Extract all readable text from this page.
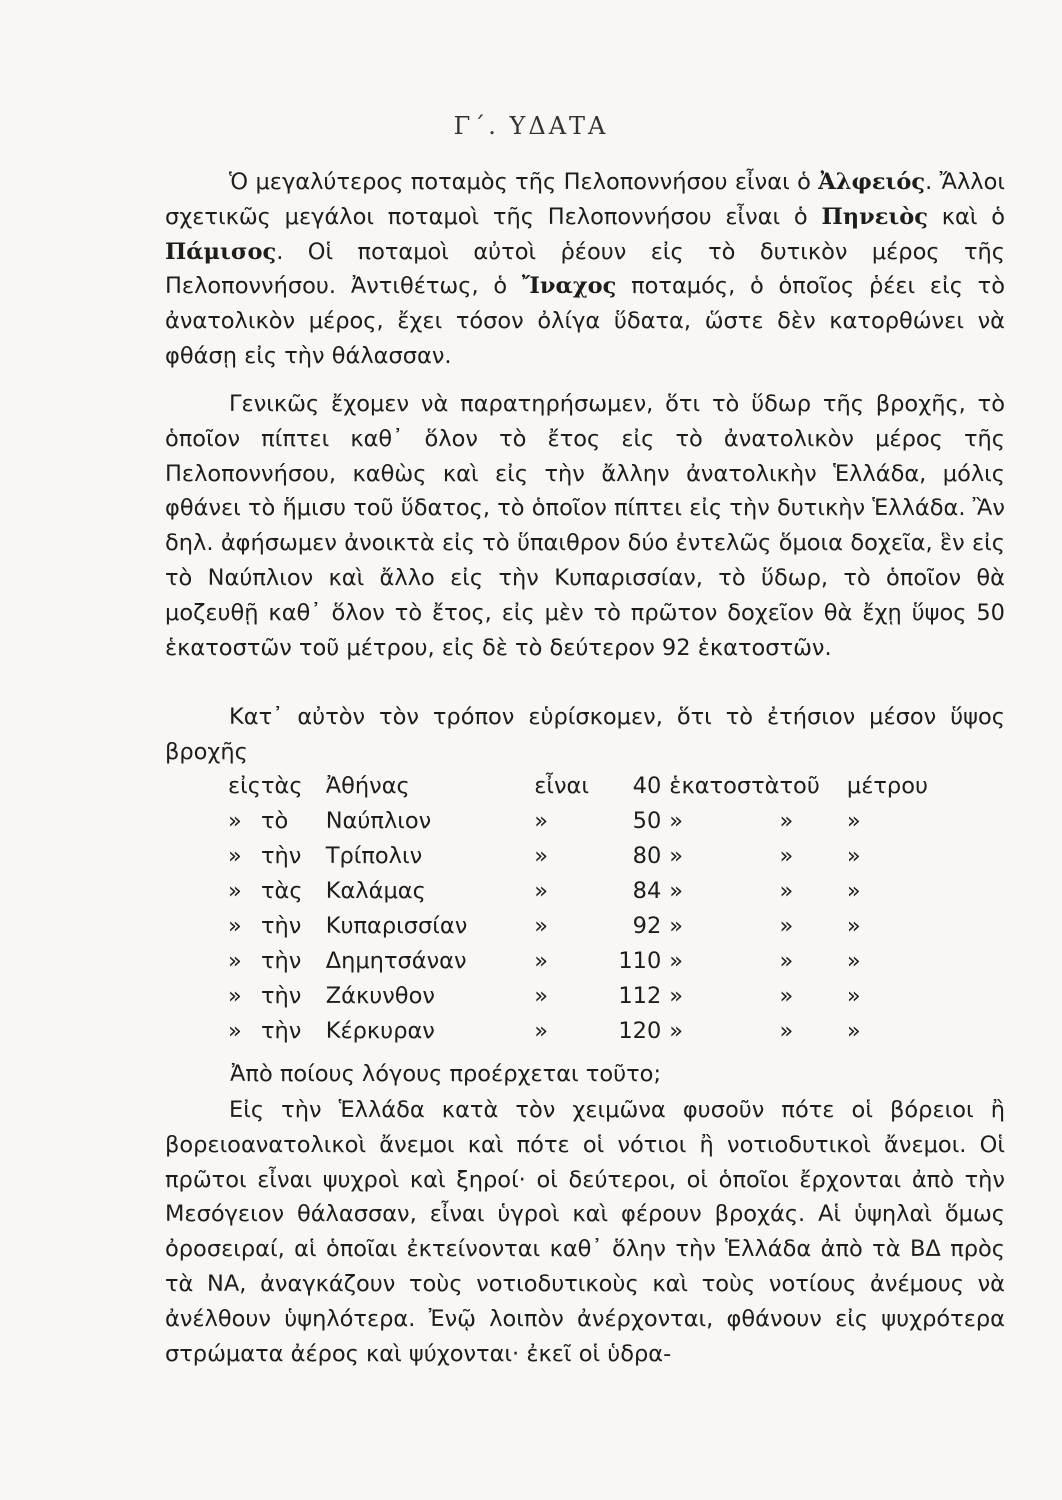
Γ΄. ΥΔΑΤΑ

Ὁ μεγαλύτερος ποταμὸς τῆς Πελοποννήσου εἶναι ὁ Ἀλφειός. Ἄλλοι σχετικῶς μεγάλοι ποταμοὶ τῆς Πελοποννήσου εἶναι ὁ Πηνειὸς καὶ ὁ Πάμισος. Οἱ ποταμοὶ αὐτοὶ ῥέουν εἰς τὸ δυτικὸν μέρος τῆς Πελοποννήσου. Ἀντιθέτως, ὁ Ἴναχος ποταμός, ὁ ὁποῖος ῥέει εἰς τὸ ἀνατολικὸν μέρος, ἔχει τόσον ὀλίγα ὕδατα, ὥστε δὲν κατορθώνει νὰ φθάσῃ εἰς τὴν θάλασσαν.

Γενικῶς ἔχομεν νὰ παρατηρήσωμεν, ὅτι τὸ ὕδωρ τῆς βροχῆς, τὸ ὁποῖον πίπτει καθ᾽ ὅλον τὸ ἔτος εἰς τὸ ἀνατολικὸν μέρος τῆς Πελοποννήσου, καθὼς καὶ εἰς τὴν ἄλλην ἀνατολικὴν Ἑλλάδα, μόλις φθάνει τὸ ἥμισυ τοῦ ὕδατος, τὸ ὁποῖον πίπτει εἰς τὴν δυτικὴν Ἑλλάδα. Ἂν δηλ. ἀφήσωμεν ἀνοικτὰ εἰς τὸ ὕπαιθρον δύο ἐντελῶς ὅμοια δοχεῖα, ἓν εἰς τὸ Ναύπλιον καὶ ἄλλο εἰς τὴν Κυπαρισσίαν, τὸ ὕδωρ, τὸ ὁποῖον θὰ μοζευθῇ καθ᾽ ὅλον τὸ ἔτος, εἰς μὲν τὸ πρῶτον δοχεῖον θὰ ἔχῃ ὕψος 50 ἑκατοστῶν τοῦ μέτρου, εἰς δὲ τὸ δεύτερον 92 ἑκατοστῶν.

Κατ᾽ αὐτὸν τὸν τρόπον εὑρίσκομεν, ὅτι τὸ ἐτήσιον μέσον ὕψος βροχῆς

εἰς	τὰς	Ἀθήνας	εἶναι	40	ἑκατοστὰ	τοῦ	μέτρου
»	τὸ	Ναύπλιον	»	50	»	»	»
»	τὴν	Τρίπολιν	»	80	»	»	»
»	τὰς	Καλάμας	»	84	»	»	»
»	τὴν	Κυπαρισσίαν	»	92	»	»	»
»	τὴν	Δημητσάναν	»	110	»	»	»
»	τὴν	Ζάκυνθον	»	112	»	»	»
»	τὴν	Κέρκυραν	»	120	»	»	»
Ἀπὸ ποίους λόγους προέρχεται τοῦτο;

Εἰς τὴν Ἑλλάδα κατὰ τὸν χειμῶνα φυσοῦν πότε οἱ βόρειοι ἢ βορειοανατολικοὶ ἄνεμοι καὶ πότε οἱ νότιοι ἢ νοτιοδυτικοὶ ἄνεμοι. Οἱ πρῶτοι εἶναι ψυχροὶ καὶ ξηροί· οἱ δεύτεροι, οἱ ὁποῖοι ἔρχονται ἀπὸ τὴν Μεσόγειον θάλασσαν, εἶναι ὑγροὶ καὶ φέρουν βροχάς. Αἱ ὑψηλαὶ ὅμως ὀροσειραί, αἱ ὁποῖαι ἐκτείνονται καθ᾽ ὅλην τὴν Ἑλλάδα ἀπὸ τὰ ΒΔ πρὸς τὰ ΝΑ, ἀναγκάζουν τοὺς νοτιοδυτικοὺς καὶ τοὺς νοτίους ἀνέμους νὰ ἀνέλθουν ὑψηλότερα. Ἐνῷ λοιπὸν ἀνέρχονται, φθάνουν εἰς ψυχρότερα στρώματα ἀέρος καὶ ψύχονται· ἐκεῖ οἱ ὑδρα-
